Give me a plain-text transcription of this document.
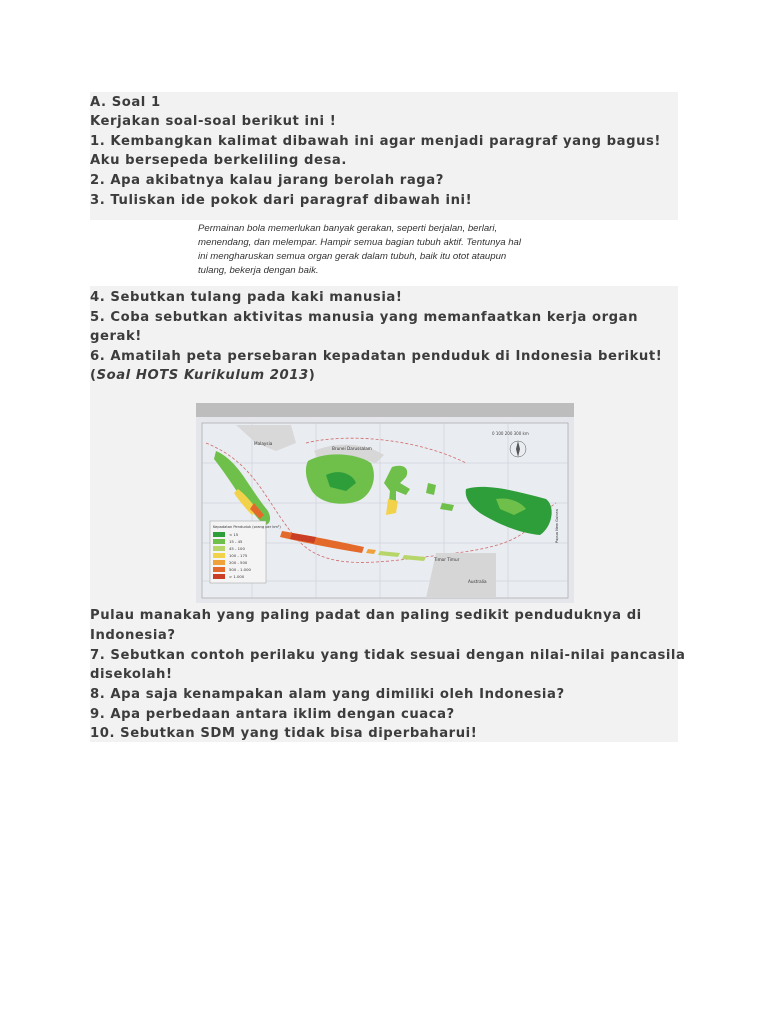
A. Soal 1
Kerjakan soal-soal berikut ini !
1. Kembangkan kalimat dibawah ini agar menjadi paragraf yang bagus!
Aku bersepeda berkeliling desa.
2. Apa akibatnya kalau jarang berolah raga?
3. Tuliskan ide pokok dari paragraf dibawah ini!
Permainan bola memerlukan banyak gerakan, seperti berjalan, berlari,
menendang, dan melempar. Hampir semua bagian tubuh aktif. Tentunya hal
ini mengharuskan semua organ gerak dalam tubuh, baik itu otot ataupun
tulang, bekerja dengan baik.
4. Sebutkan tulang pada kaki manusia!
5. Coba sebutkan aktivitas manusia yang memanfaatkan kerja organ
gerak!
6. Amatilah peta persebaran kepadatan penduduk di Indonesia berikut!
(Soal HOTS Kurikulum 2013)
Kepadatan Penduduk (orang per km²)
< 15
15 - 45
45 - 100
100 - 175
200 - 500
500 - 1.000
> 1.000
0 100 200 300 km
Malaysia
Brunei Darussalam
Timor Timur
Australia
Papua New Guinea
Pulau manakah yang paling padat dan paling sedikit penduduknya di
Indonesia?
7. Sebutkan contoh perilaku yang tidak sesuai dengan nilai-nilai pancasila
disekolah!
8. Apa saja kenampakan alam yang dimiliki oleh Indonesia?
9. Apa perbedaan antara iklim dengan cuaca?
10. Sebutkan SDM yang tidak bisa diperbaharui!
